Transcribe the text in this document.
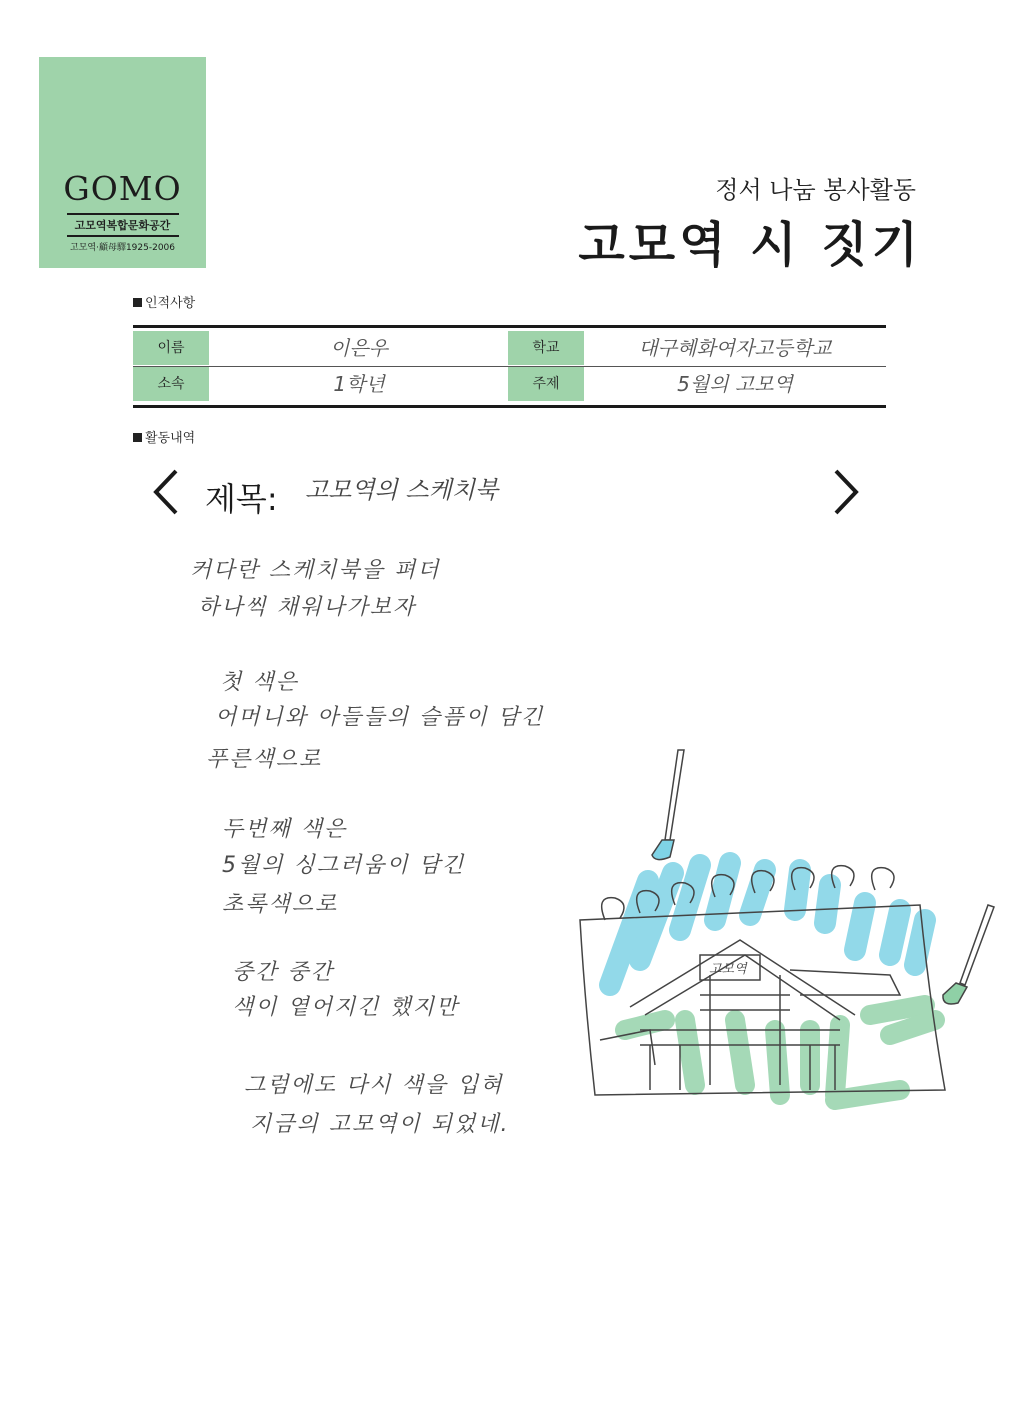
GOMO
고모역복합문화공간
고모역·顧母驛1925-2006
정서 나눔 봉사활동
고모역 시 짓기
인적사항
이름	이은우	학교	대구혜화여자고등학교
소속	1학년	주제	5월의 고모역
활동내역
제목: 고모역의 스케치북
커다란 스케치북을 펴더
하나씩 채워나가보자
첫 색은
어머니와 아들들의 슬픔이 담긴
푸른색으로
두번째 색은
5월의 싱그러움이 담긴
초록색으로
중간 중간
색이 옅어지긴 했지만
그럼에도 다시 색을 입혀
지금의 고모역이 되었네.
고모역
